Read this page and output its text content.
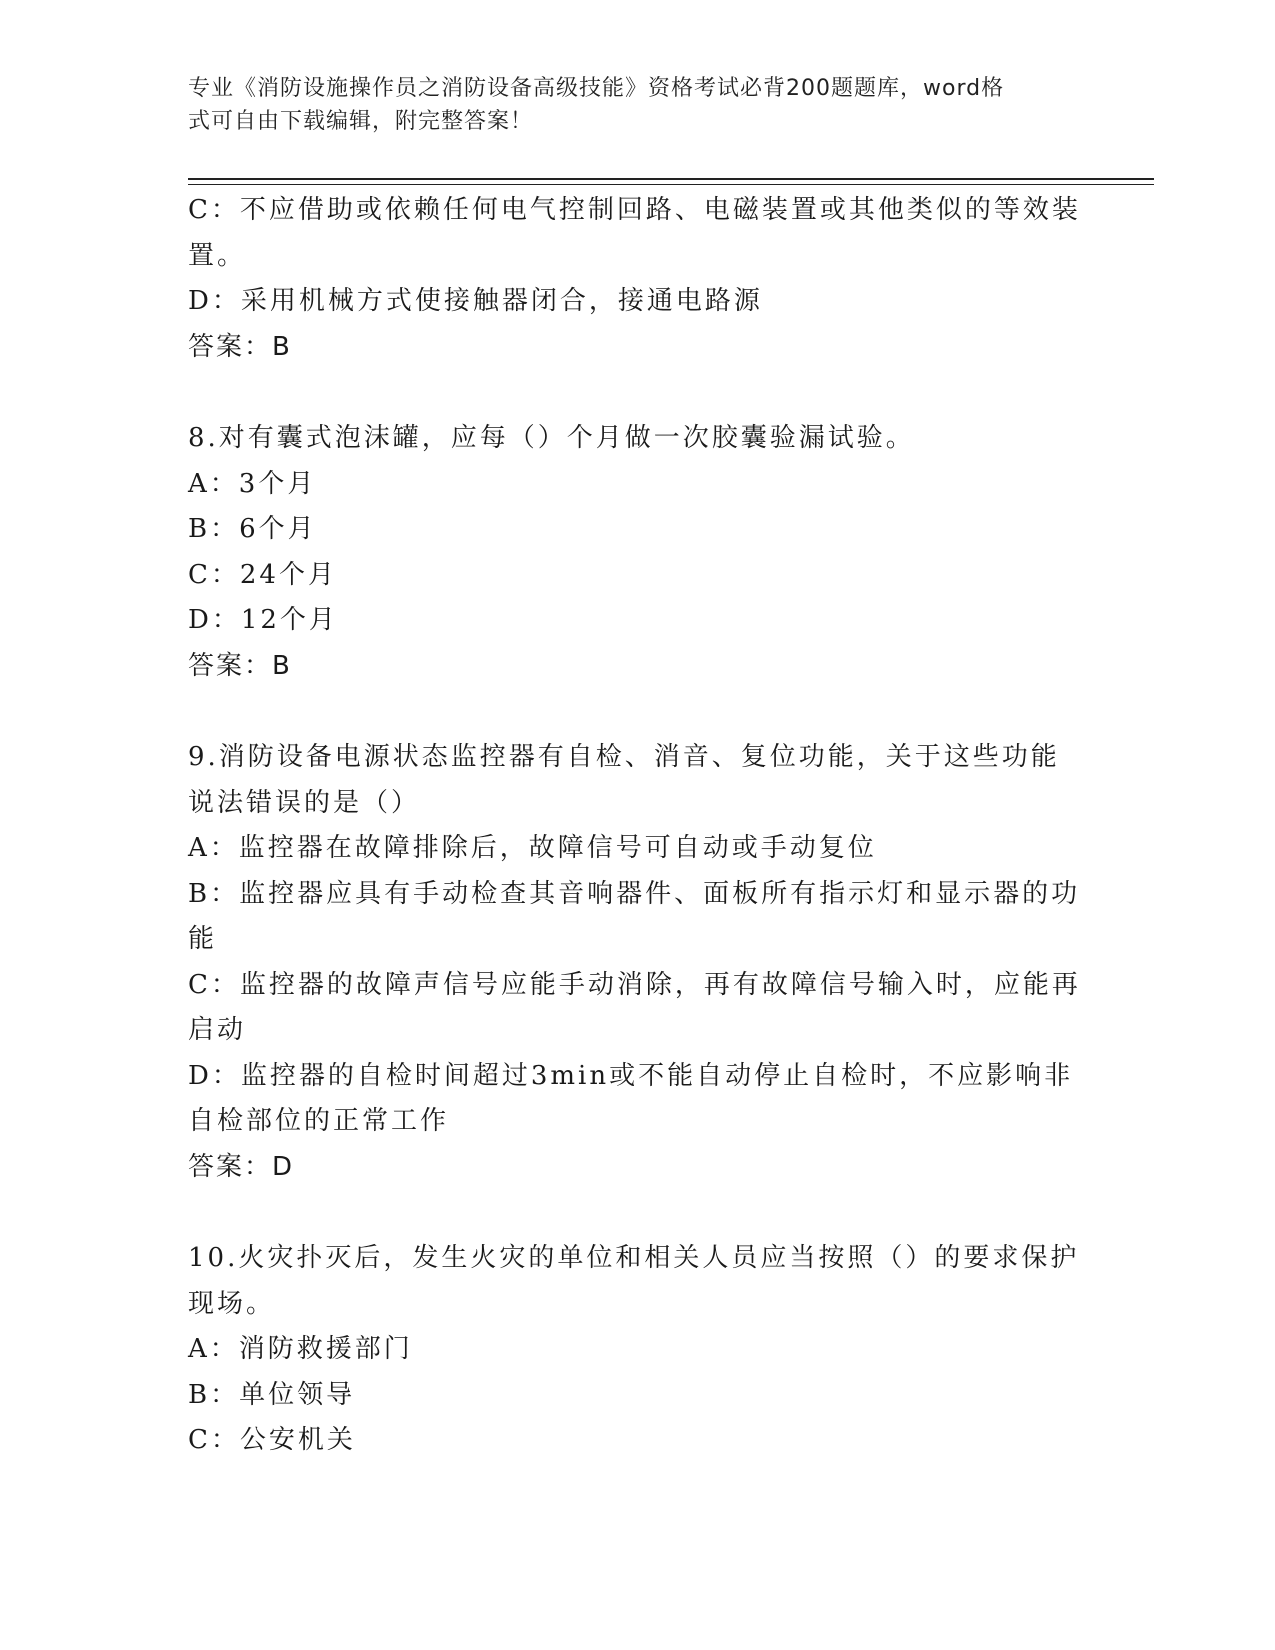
专业《消防设施操作员之消防设备高级技能》资格考试必背200题题库，word格
式可自由下载编辑，附完整答案！

C：不应借助或依赖任何电气控制回路、电磁装置或其他类似的等效装

置。

D：采用机械方式使接触器闭合，接通电路源

答案：B

8.对有囊式泡沫罐，应每（）个月做一次胶囊验漏试验。

A：3个月

B：6个月

C：24个月

D：12个月

答案：B

9.消防设备电源状态监控器有自检、消音、复位功能，关于这些功能

说法错误的是（）

A：监控器在故障排除后，故障信号可自动或手动复位

B：监控器应具有手动检查其音响器件、面板所有指示灯和显示器的功

能

C：监控器的故障声信号应能手动消除，再有故障信号输入时，应能再

启动

D：监控器的自检时间超过3min或不能自动停止自检时，不应影响非

自检部位的正常工作

答案：D

10.火灾扑灭后，发生火灾的单位和相关人员应当按照（）的要求保护

现场。

A：消防救援部门

B：单位领导

C：公安机关
